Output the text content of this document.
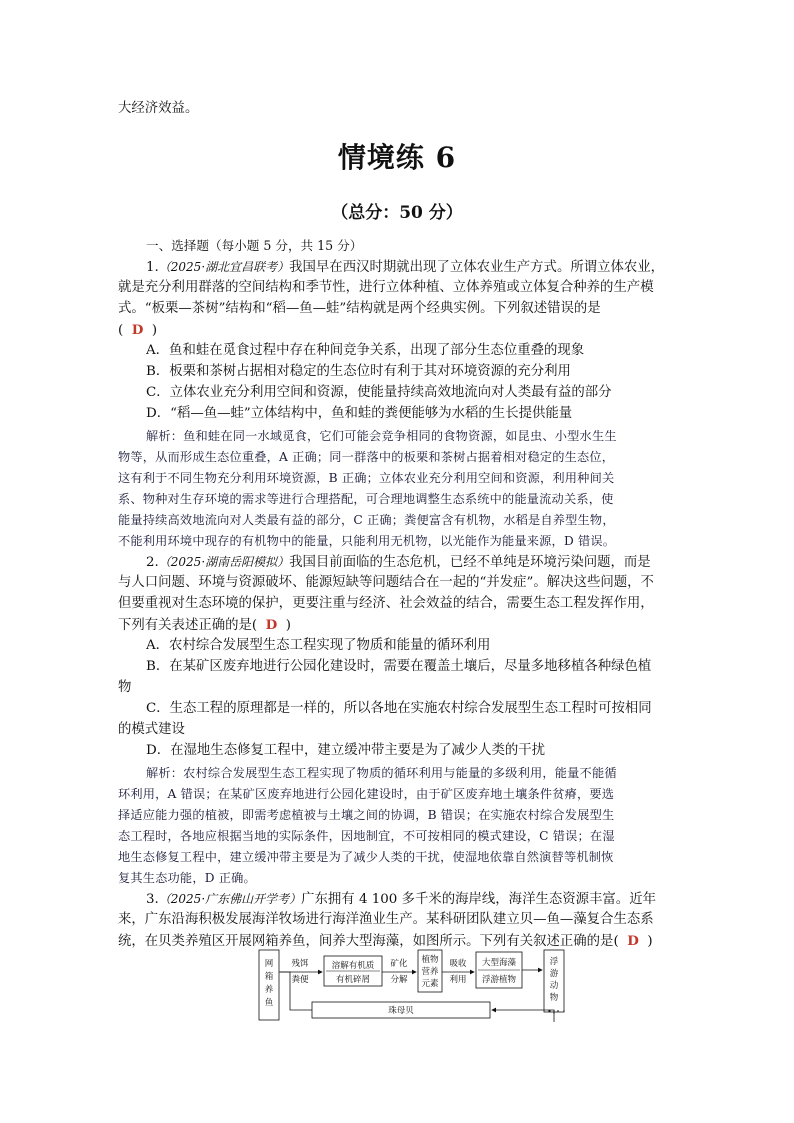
大经济效益。
情境练 6
（总分：50 分）
一、选择题（每小题 5 分，共 15 分）
1.（2025·湖北宜昌联考）我国早在西汉时期就出现了立体农业生产方式。所谓立体农业，
就是充分利用群落的空间结构和季节性，进行立体种植、立体养殖或立体复合种养的生产模
式。“板栗—茶树”结构和“稻—鱼—蛙”结构就是两个经典实例。下列叙述错误的是
( D )
A．鱼和蛙在觅食过程中存在种间竞争关系，出现了部分生态位重叠的现象
B．板栗和茶树占据相对稳定的生态位时有利于其对环境资源的充分利用
C．立体农业充分利用空间和资源，使能量持续高效地流向对人类最有益的部分
D．“稻—鱼—蛙”立体结构中，鱼和蛙的粪便能够为水稻的生长提供能量
解析：鱼和蛙在同一水域觅食，它们可能会竞争相同的食物资源，如昆虫、小型水生生
物等，从而形成生态位重叠，A 正确；同一群落中的板栗和茶树占据着相对稳定的生态位，
这有利于不同生物充分利用环境资源，B 正确；立体农业充分利用空间和资源，利用种间关
系、物种对生存环境的需求等进行合理搭配，可合理地调整生态系统中的能量流动关系，使
能量持续高效地流向对人类最有益的部分，C 正确；粪便富含有机物，水稻是自养型生物，
不能利用环境中现存的有机物中的能量，只能利用无机物，以光能作为能量来源，D 错误。
2.（2025·湖南岳阳模拟）我国目前面临的生态危机，已经不单纯是环境污染问题，而是
与人口问题、环境与资源破坏、能源短缺等问题结合在一起的“并发症”。解决这些问题，不
但要重视对生态环境的保护，更要注重与经济、社会效益的结合，需要生态工程发挥作用，
下列有关表述正确的是( D )
A．农村综合发展型生态工程实现了物质和能量的循环利用
B．在某矿区废弃地进行公园化建设时，需要在覆盖土壤后，尽量多地移植各种绿色植
物
C．生态工程的原理都是一样的，所以各地在实施农村综合发展型生态工程时可按相同
的模式建设
D．在湿地生态修复工程中，建立缓冲带主要是为了减少人类的干扰
解析：农村综合发展型生态工程实现了物质的循环利用与能量的多级利用，能量不能循
环利用，A 错误；在某矿区废弃地进行公园化建设时，由于矿区废弃地土壤条件贫瘠，要选
择适应能力强的植被，即需考虑植被与土壤之间的协调，B 错误；在实施农村综合发展型生
态工程时，各地应根据当地的实际条件，因地制宜，不可按相同的模式建设，C 错误；在湿
地生态修复工程中，建立缓冲带主要是为了减少人类的干扰，使湿地依靠自然演替等机制恢
复其生态功能，D 正确。
3.（2025·广东佛山开学考）广东拥有 4 100 多千米的海岸线，海洋生态资源丰富。近年
来，广东沿海积极发展海洋牧场进行海洋渔业生产。某科研团队建立贝—鱼—藻复合生态系
统，在贝类养殖区开展网箱养鱼，间养大型海藻，如图所示。下列有关叙述正确的是( D )
网
箱
养
鱼
残饵
粪便
溶解有机质
有机碎屑
矿化
分解
植物
营养
元素
吸收
利用
大型海藻
浮游植物
浮
游
动
物
珠母贝
